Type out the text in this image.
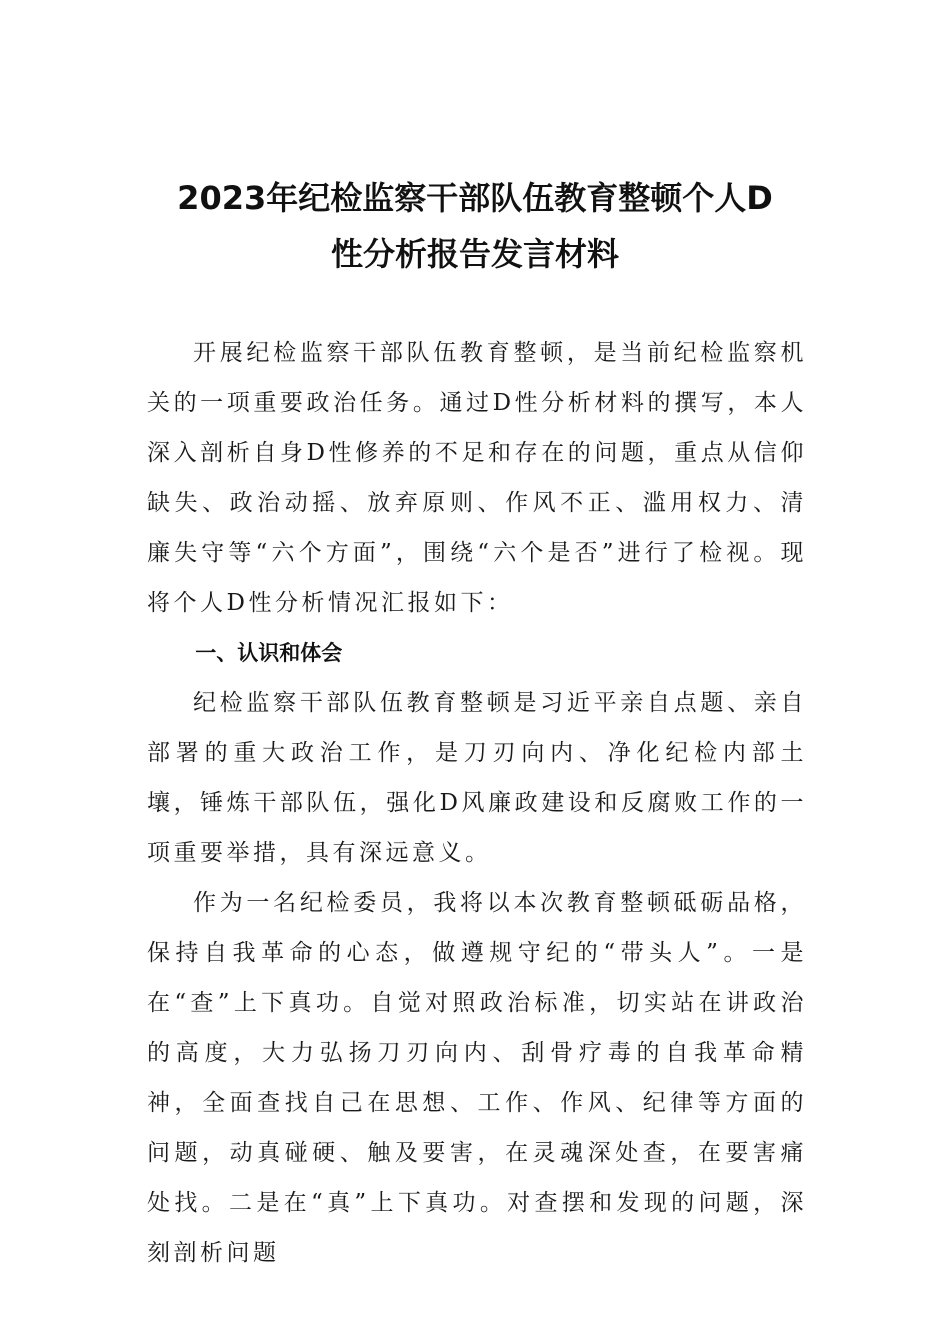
2023年纪检监察干部队伍教育整顿个人D
性分析报告发言材料

开展纪检监察干部队伍教育整顿，是当前纪检监察机关的一项重要政治任务。通过D性分析材料的撰写，本人深入剖析自身D性修养的不足和存在的问题，重点从信仰缺失、政治动摇、放弃原则、作风不正、滥用权力、清廉失守等“六个方面”，围绕“六个是否”进行了检视。现将个人D性分析情况汇报如下：

一、认识和体会

纪检监察干部队伍教育整顿是习近平亲自点题、亲自部署的重大政治工作，是刀刃向内、净化纪检内部土壤，锤炼干部队伍，强化D风廉政建设和反腐败工作的一项重要举措，具有深远意义。

作为一名纪检委员，我将以本次教育整顿砥砺品格，保持自我革命的心态，做遵规守纪的“带头人”。一是在“查”上下真功。自觉对照政治标准，切实站在讲政治的高度，大力弘扬刀刃向内、刮骨疗毒的自我革命精神，全面查找自己在思想、工作、作风、纪律等方面的问题，动真碰硬、触及要害，在灵魂深处查，在要害痛处找。二是在“真”上下真功。对查摆和发现的问题，深刻剖析问题
